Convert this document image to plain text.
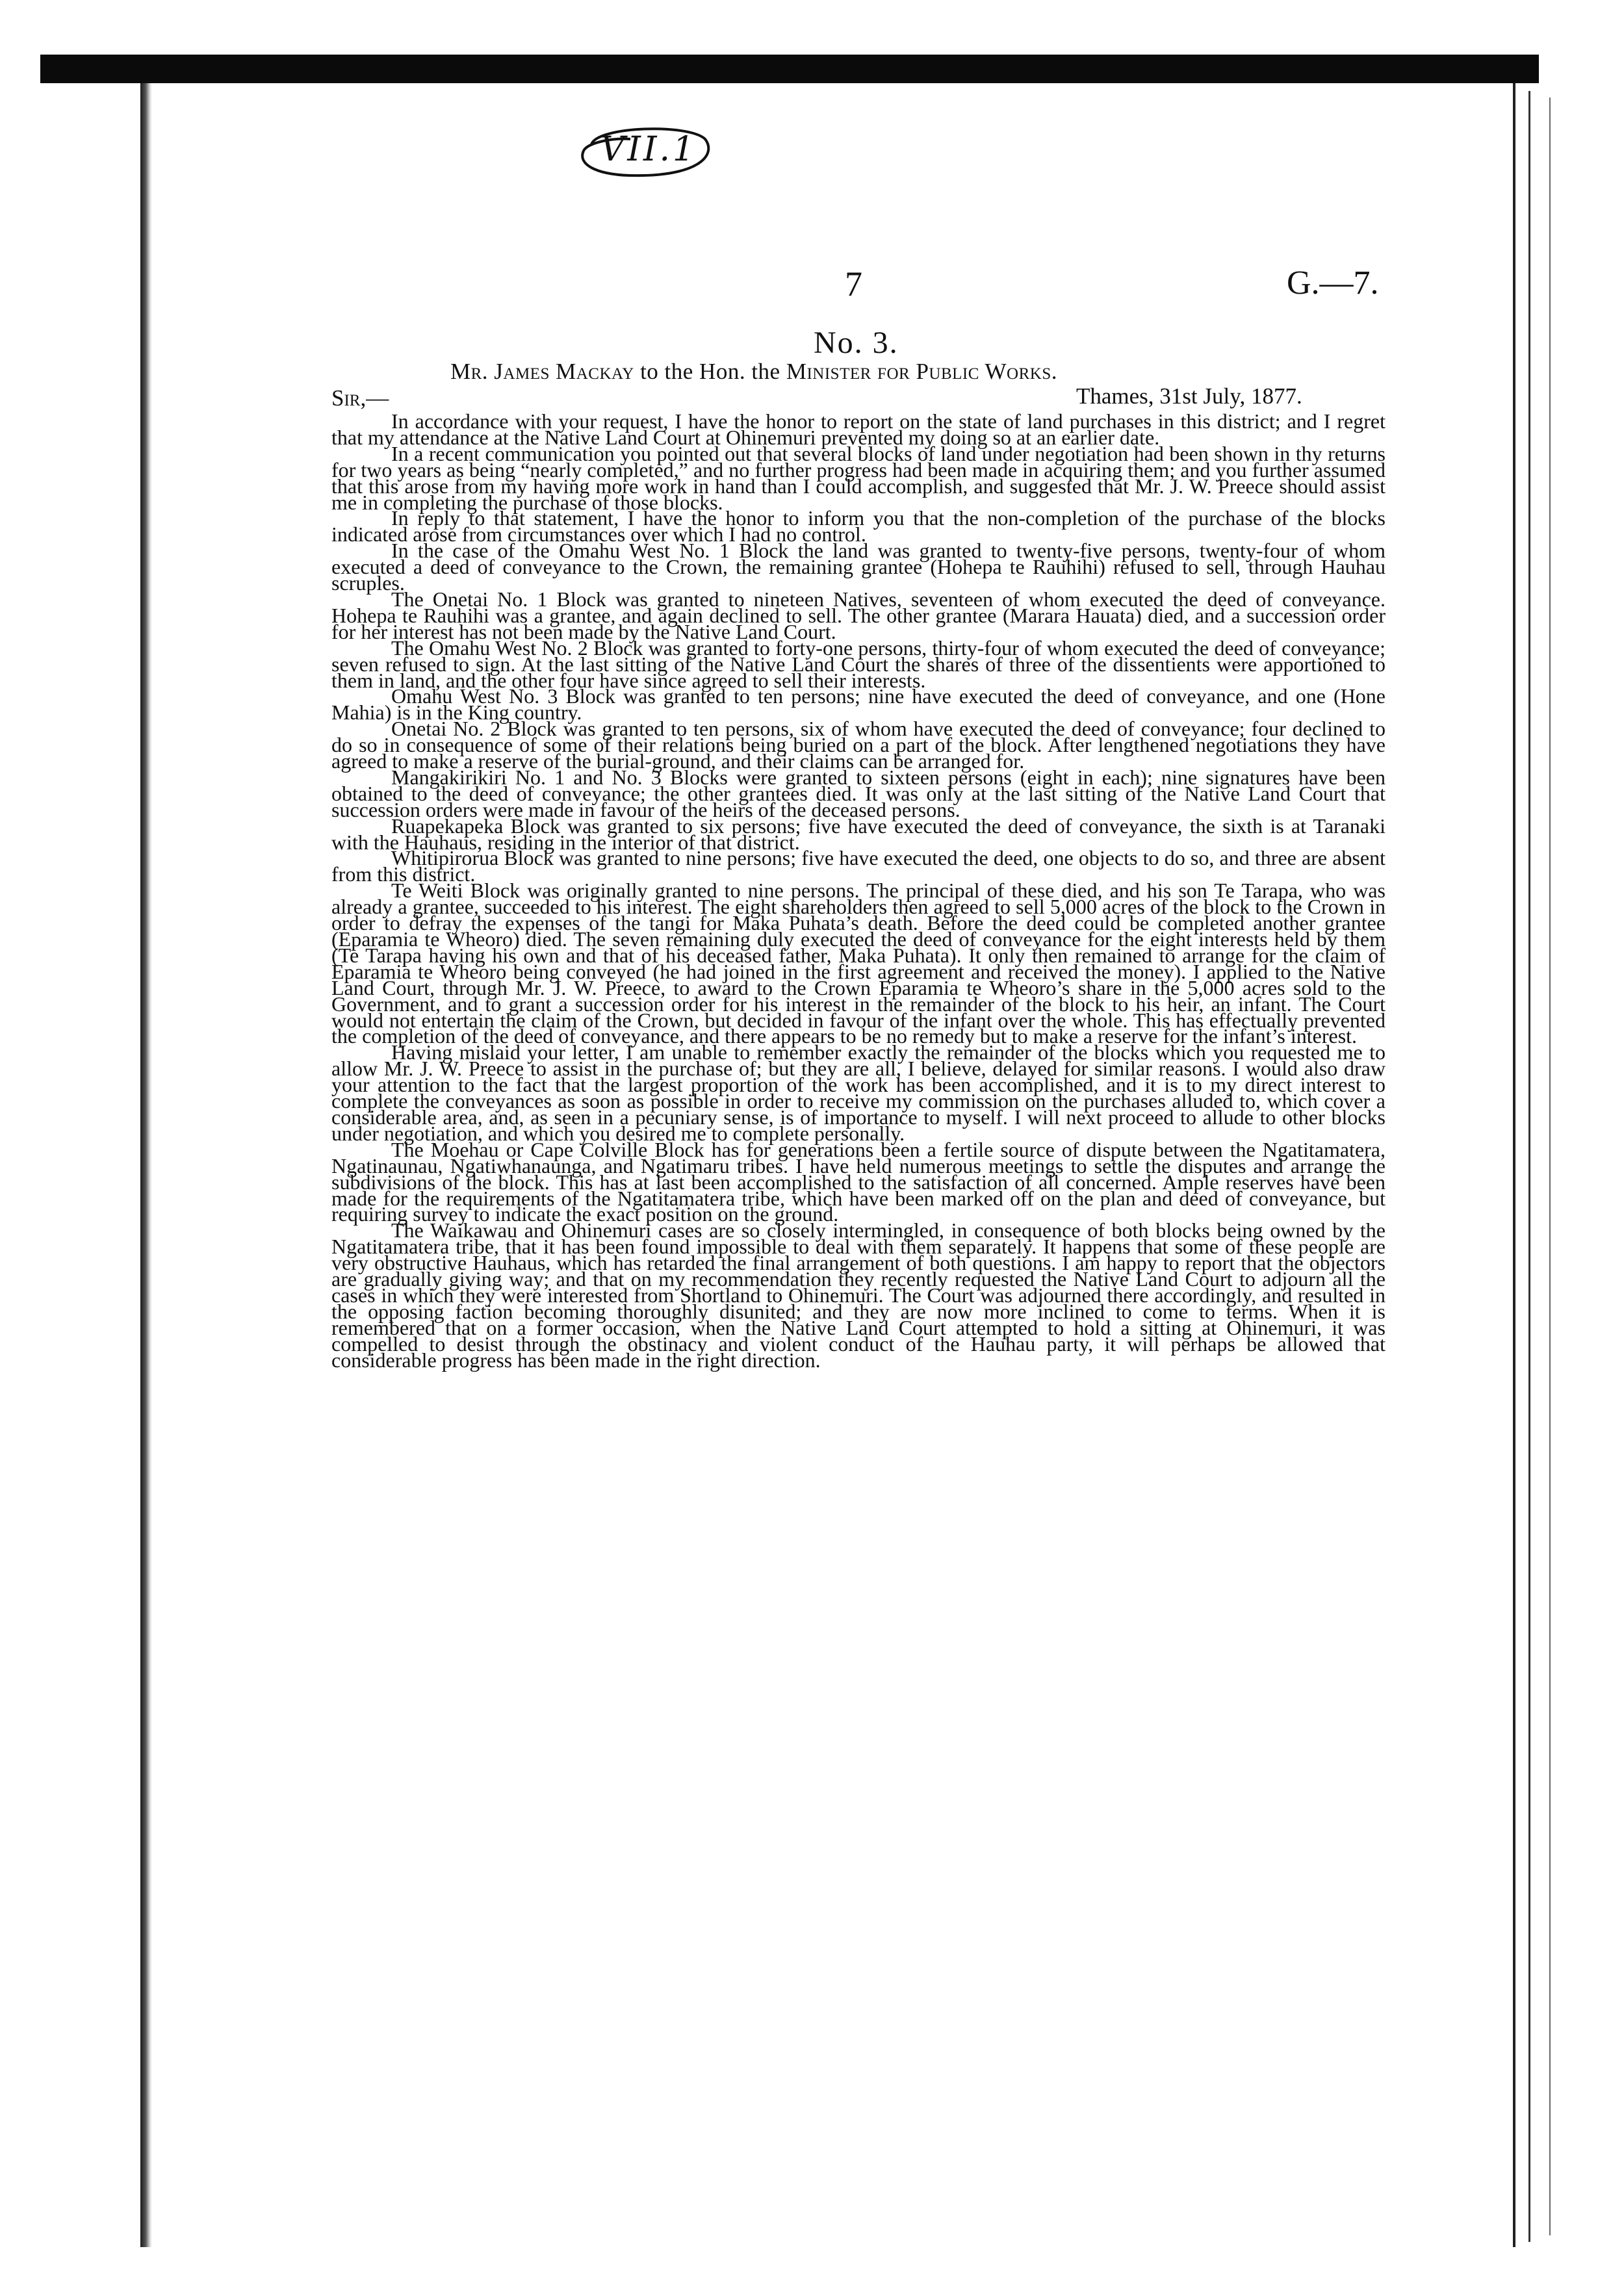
VII.1
7	G.—7.
No. 3.
Mr. James Mackay to the Hon. the Minister for Public Works.
Sir,—	Thames, 31st July, 1877.

In accordance with your request, I have the honor to report on the state of land purchases in this district; and I regret that my attendance at the Native Land Court at Ohinemuri prevented my doing so at an earlier date.

In a recent communication you pointed out that several blocks of land under negotiation had been shown in thy returns for two years as being “nearly completed,” and no further progress had been made in acquiring them; and you further assumed that this arose from my having more work in hand than I could accomplish, and suggested that Mr. J. W. Preece should assist me in completing the purchase of those blocks.

In reply to that statement, I have the honor to inform you that the non-completion of the purchase of the blocks indicated arose from circumstances over which I had no control.

In the case of the Omahu West No. 1 Block the land was granted to twenty-five persons, twenty-four of whom executed a deed of conveyance to the Crown, the remaining grantee (Hohepa te Rauhihi) refused to sell, through Hauhau scruples.

The Onetai No. 1 Block was granted to nineteen Natives, seventeen of whom executed the deed of conveyance. Hohepa te Rauhihi was a grantee, and again declined to sell. The other grantee (Marara Hauata) died, and a succession order for her interest has not been made by the Native Land Court.

The Omahu West No. 2 Block was granted to forty-one persons, thirty-four of whom executed the deed of conveyance; seven refused to sign. At the last sitting of the Native Land Court the shares of three of the dissentients were apportioned to them in land, and the other four have since agreed to sell their interests.

Omahu West No. 3 Block was granted to ten persons; nine have executed the deed of conveyance, and one (Hone Mahia) is in the King country.

Onetai No. 2 Block was granted to ten persons, six of whom have executed the deed of conveyance; four declined to do so in consequence of some of their relations being buried on a part of the block. After lengthened negotiations they have agreed to make a reserve of the burial-ground, and their claims can be arranged for.

Mangakirikiri No. 1 and No. 3 Blocks were granted to sixteen persons (eight in each); nine signatures have been obtained to the deed of conveyance; the other grantees died. It was only at the last sitting of the Native Land Court that succession orders were made in favour of the heirs of the deceased persons.

Ruapekapeka Block was granted to six persons; five have executed the deed of conveyance, the sixth is at Taranaki with the Hauhaus, residing in the interior of that district.

Whitipirorua Block was granted to nine persons; five have executed the deed, one objects to do so, and three are absent from this district.

Te Weiti Block was originally granted to nine persons. The principal of these died, and his son Te Tarapa, who was already a grantee, succeeded to his interest. The eight shareholders then agreed to sell 5,000 acres of the block to the Crown in order to defray the expenses of the tangi for Maka Puhata’s death. Before the deed could be completed another grantee (Eparamia te Wheoro) died. The seven remaining duly executed the deed of conveyance for the eight interests held by them (Te Tarapa having his own and that of his deceased father, Maka Puhata). It only then remained to arrange for the claim of Eparamia te Wheoro being conveyed (he had joined in the first agreement and received the money). I applied to the Native Land Court, through Mr. J. W. Preece, to award to the Crown Eparamia te Wheoro’s share in the 5,000 acres sold to the Government, and to grant a succession order for his interest in the remainder of the block to his heir, an infant. The Court would not entertain the claim of the Crown, but decided in favour of the infant over the whole. This has effectually prevented the completion of the deed of conveyance, and there appears to be no remedy but to make a reserve for the infant’s interest.

Having mislaid your letter, I am unable to remember exactly the remainder of the blocks which you requested me to allow Mr. J. W. Preece to assist in the purchase of; but they are all, I believe, delayed for similar reasons. I would also draw your attention to the fact that the largest proportion of the work has been accomplished, and it is to my direct interest to complete the conveyances as soon as possible in order to receive my commission on the purchases alluded to, which cover a considerable area, and, as seen in a pecuniary sense, is of importance to myself. I will next proceed to allude to other blocks under negotiation, and which you desired me to complete personally.

The Moehau or Cape Colville Block has for generations been a fertile source of dispute between the Ngatitamatera, Ngatinaunau, Ngatiwhanaunga, and Ngatimaru tribes. I have held numerous meetings to settle the disputes and arrange the subdivisions of the block. This has at last been accomplished to the satisfaction of all concerned. Ample reserves have been made for the requirements of the Ngatitamatera tribe, which have been marked off on the plan and deed of conveyance, but requiring survey to indicate the exact position on the ground.

The Waikawau and Ohinemuri cases are so closely intermingled, in consequence of both blocks being owned by the Ngatitamatera tribe, that it has been found impossible to deal with them separately. It happens that some of these people are very obstructive Hauhaus, which has retarded the final arrangement of both questions. I am happy to report that the objectors are gradually giving way; and that on my recommendation they recently requested the Native Land Court to adjourn all the cases in which they were interested from Shortland to Ohinemuri. The Court was adjourned there accordingly, and resulted in the opposing faction becoming thoroughly disunited; and they are now more inclined to come to terms. When it is remembered that on a former occasion, when the Native Land Court attempted to hold a sitting at Ohinemuri, it was compelled to desist through the obstinacy and violent conduct of the Hauhau party, it will perhaps be allowed that considerable progress has been made in the right direction.
